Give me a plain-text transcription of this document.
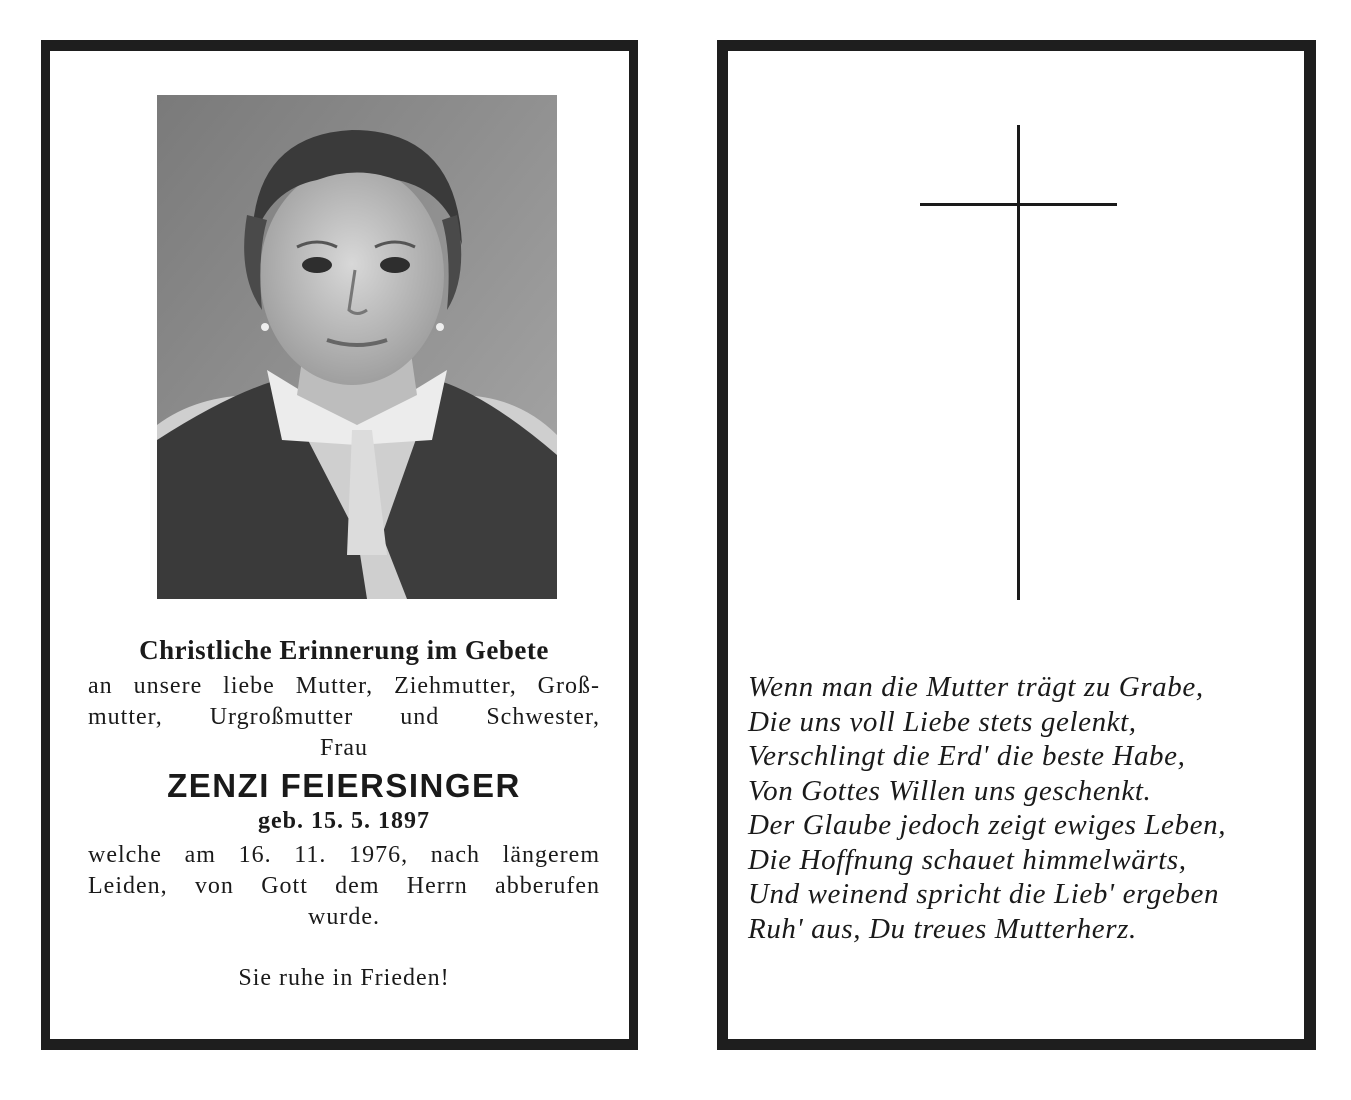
Christliche Erinnerung im Gebete
an unsere liebe Mutter, Ziehmutter, Groß-
mutter, Urgroßmutter und Schwester,
Frau
ZENZI FEIERSINGER
geb. 15. 5. 1897
welche am 16. 11. 1976, nach längerem
Leiden, von Gott dem Herrn abberufen
wurde.
Sie ruhe in Frieden!
Wenn man die Mutter trägt zu Grabe,
Die uns voll Liebe stets gelenkt,
Verschlingt die Erd' die beste Habe,
Von Gottes Willen uns geschenkt.
Der Glaube jedoch zeigt ewiges Leben,
Die Hoffnung schauet himmelwärts,
Und weinend spricht die Lieb' ergeben
Ruh' aus, Du treues Mutterherz.
